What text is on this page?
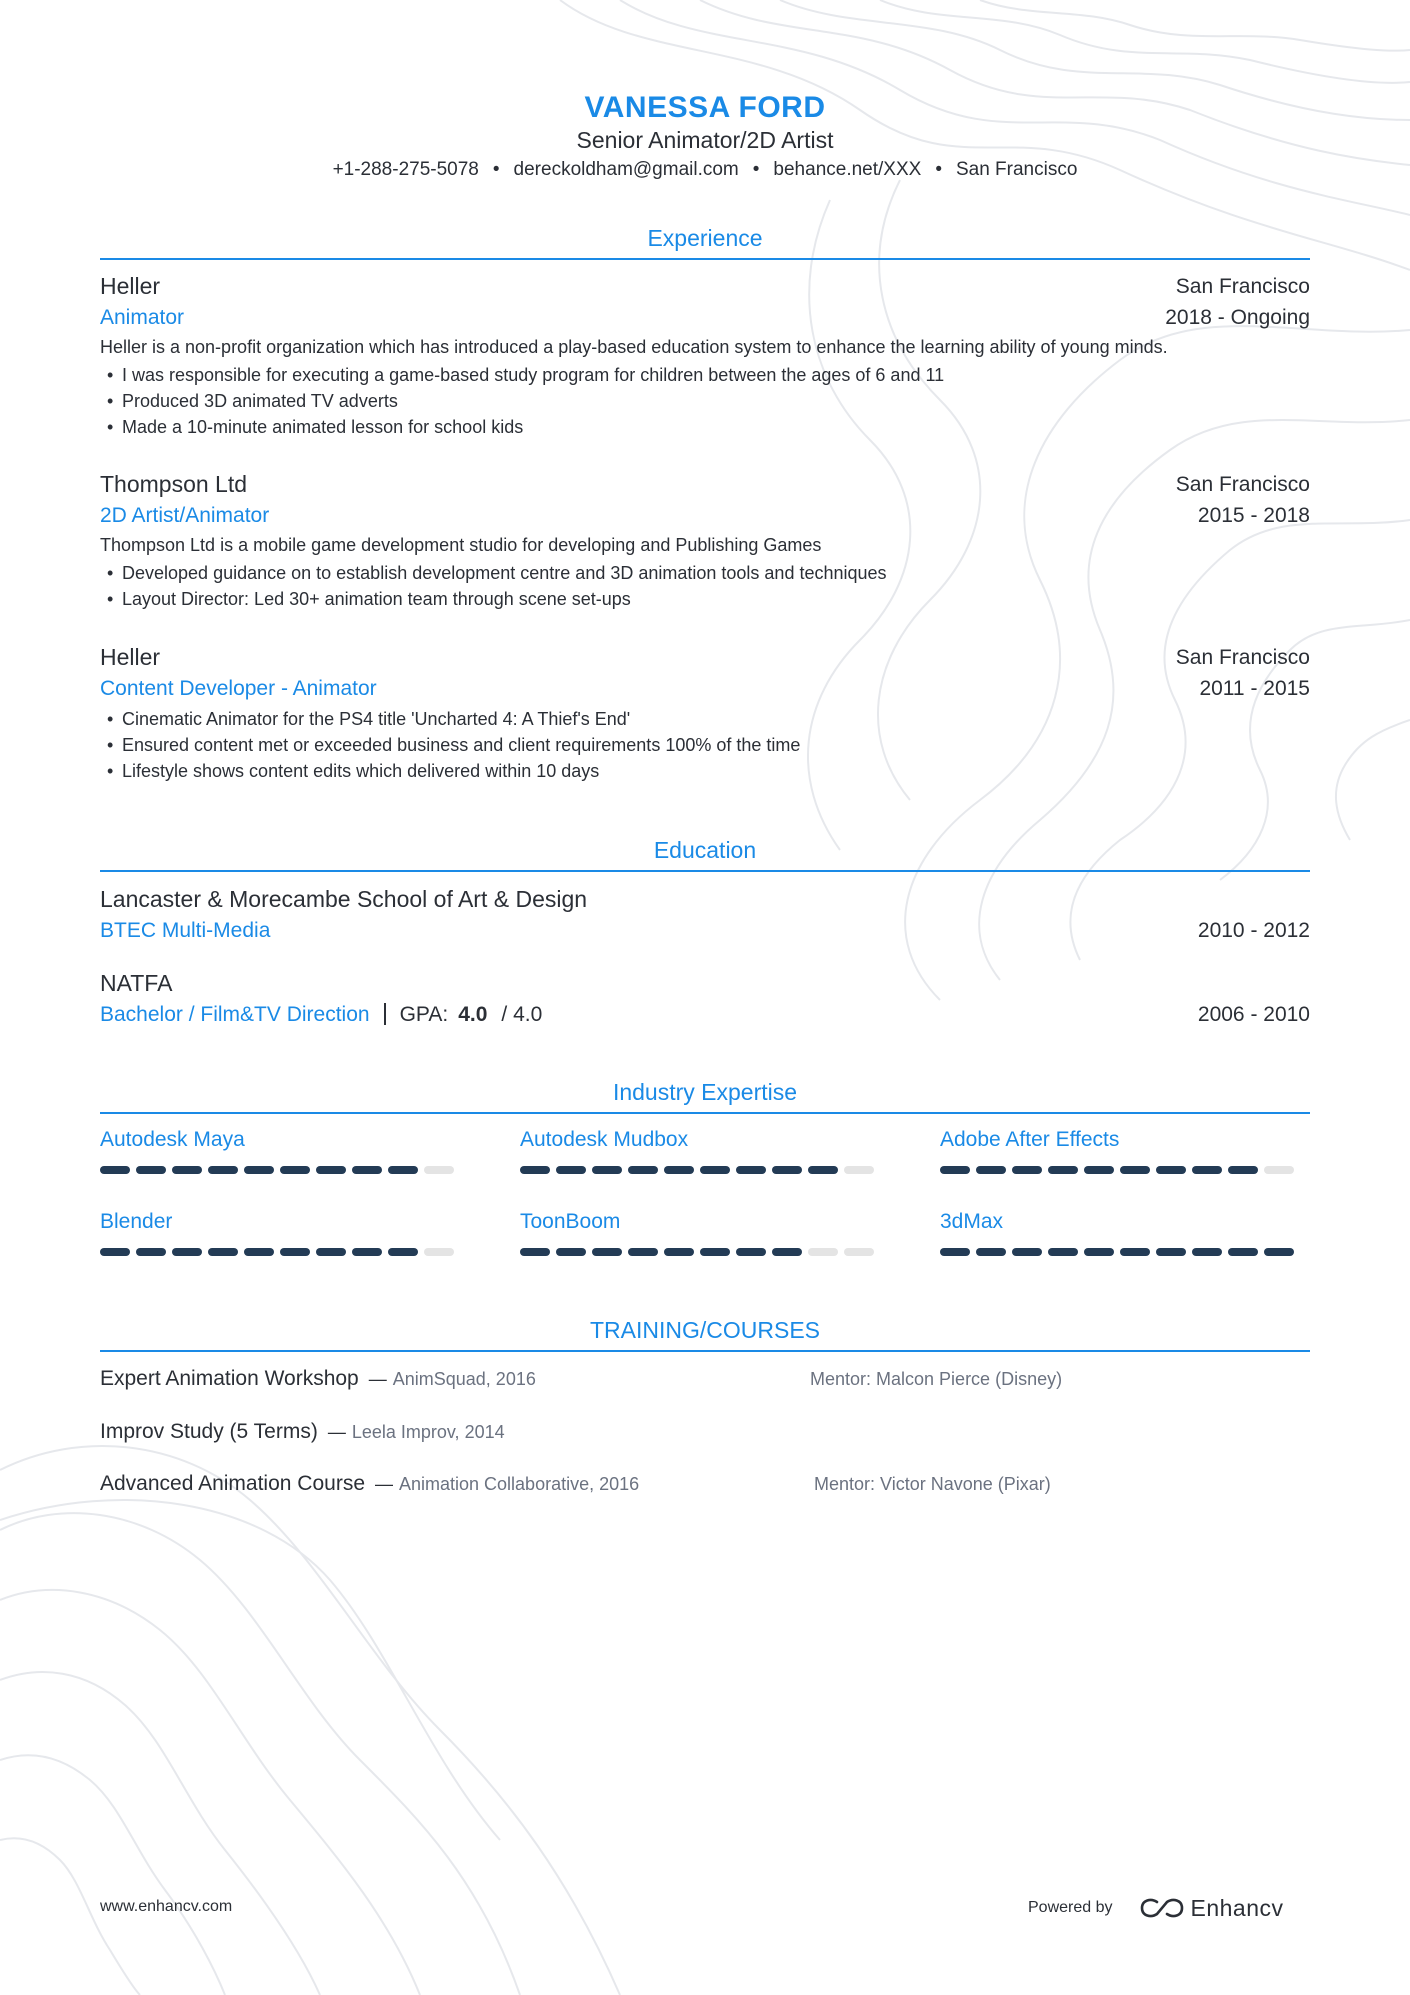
VANESSA FORD
Senior Animator/2D Artist
+1-288-275-5078 • dereckoldham@gmail.com • behance.net/XXX • San Francisco
Experience
Heller	San Francisco
Animator	2018 - Ongoing
Heller is a non-profit organization which has introduced a play-based education system to enhance the learning ability of young minds.
• I was responsible for executing a game-based study program for children between the ages of 6 and 11
• Produced 3D animated TV adverts
• Made a 10-minute animated lesson for school kids
Thompson Ltd	San Francisco
2D Artist/Animator	2015 - 2018
Thompson Ltd is a mobile game development studio for developing and Publishing Games
• Developed guidance on to establish development centre and 3D animation tools and techniques
• Layout Director: Led 30+ animation team through scene set-ups
Heller	San Francisco
Content Developer - Animator	2011 - 2015
• Cinematic Animator for the PS4 title 'Uncharted 4: A Thief's End'
• Ensured content met or exceeded business and client requirements 100% of the time
• Lifestyle shows content edits which delivered within 10 days
Education
Lancaster & Morecambe School of Art & Design
BTEC Multi-Media	2010 - 2012
NATFA
Bachelor / Film&TV Direction GPA: 4.0 / 4.0	2006 - 2010
Industry Expertise
Autodesk Maya	Autodesk Mudbox	Adobe After Effects
Blender	ToonBoom	3dMax
TRAINING/COURSES
Expert Animation Workshop — AnimSquad, 2016	Mentor: Malcon Pierce (Disney)
Improv Study (5 Terms) — Leela Improv, 2014
Advanced Animation Course — Animation Collaborative, 2016	Mentor: Victor Navone (Pixar)
www.enhancv.com	Powered by	Enhancv
